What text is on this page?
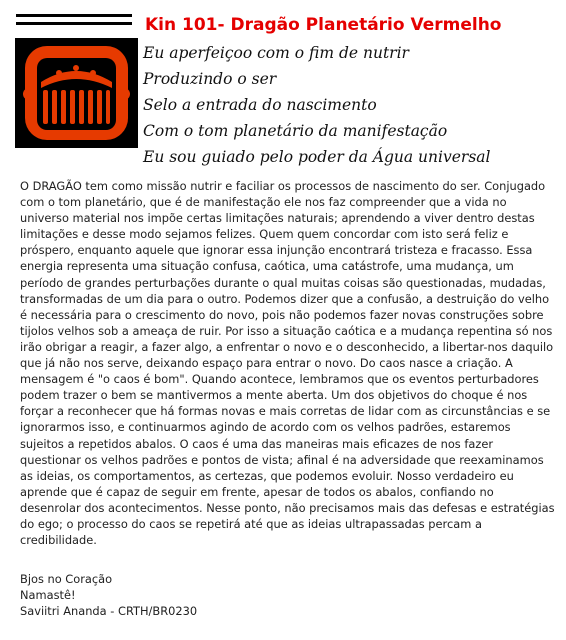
Kin 101- Dragão Planetário Vermelho
Eu aperfeiçoo com o fim de nutrir
Produzindo o ser
Selo a entrada do nascimento
Com o tom planetário da manifestação
Eu sou guiado pelo poder da Água universal
O DRAGÃO tem como missão nutrir e faciliar os processos de nascimento do ser. Conjugado com o tom planetário, que é de manifestação ele nos faz compreender que a vida no universo material nos impõe certas limitações naturais; aprendendo a viver dentro destas limitações e desse modo sejamos felizes. Quem quem concordar com isto será feliz e próspero, enquanto aquele que ignorar essa injunção encontrará tristeza e fracasso. Essa energia representa uma situação confusa, caótica, uma catástrofe, uma mudança, um período de grandes perturbações durante o qual muitas coisas são questionadas, mudadas, transformadas de um dia para o outro. Podemos dizer que a confusão, a destruição do velho é necessária para o crescimento do novo, pois não podemos fazer novas construções sobre tijolos velhos sob a ameaça de ruir. Por isso a situação caótica e a mudança repentina só nos irão obrigar a reagir, a fazer algo, a enfrentar o novo e o desconhecido, a libertar-nos daquilo que já não nos serve, deixando espaço para entrar o novo. Do caos nasce a criação. A mensagem é "o caos é bom". Quando acontece, lembramos que os eventos perturbadores podem trazer o bem se mantivermos a mente aberta. Um dos objetivos do choque é nos forçar a reconhecer que há formas novas e mais corretas de lidar com as circunstâncias e se ignorarmos isso, e continuarmos agindo de acordo com os velhos padrões, estaremos sujeitos a repetidos abalos. O caos é uma das maneiras mais eficazes de nos fazer questionar os velhos padrões e pontos de vista; afinal é na adversidade que reexaminamos as ideias, os comportamentos, as certezas, que podemos evoluir. Nosso verdadeiro eu aprende que é capaz de seguir em frente, apesar de todos os abalos, confiando no desenrolar dos acontecimentos. Nesse ponto, não precisamos mais das defesas e estratégias do ego; o processo do caos se repetirá até que as ideias ultrapassadas percam a credibilidade.
Bjos no Coração
Namastê!
Saviitri Ananda - CRTH/BR0230
